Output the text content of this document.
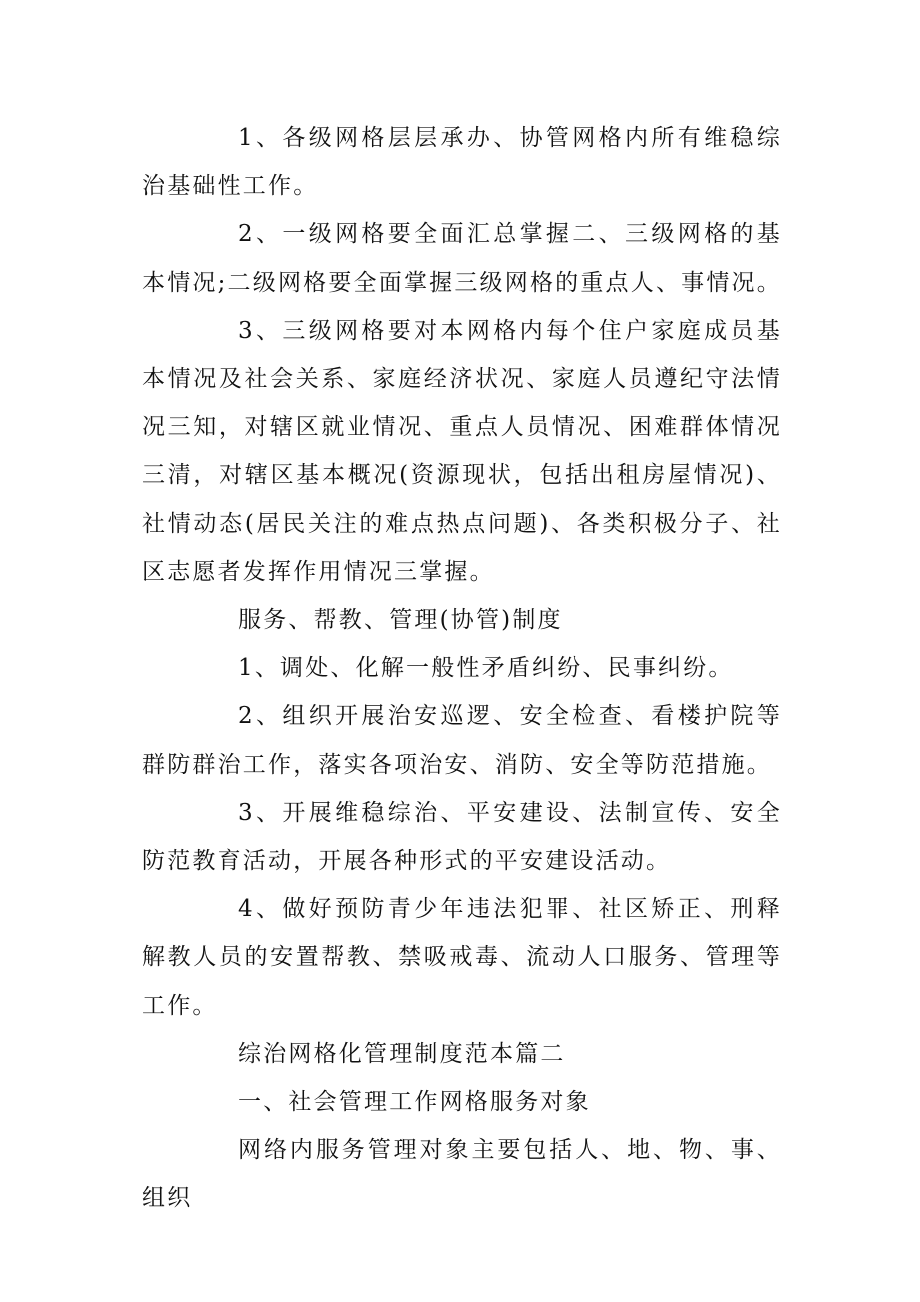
1、各级网格层层承办、协管网格内所有维稳综治基础性工作。

2、一级网格要全面汇总掌握二、三级网格的基本情况;二级网格要全面掌握三级网格的重点人、事情况。

3、三级网格要对本网格内每个住户家庭成员基本情况及社会关系、家庭经济状况、家庭人员遵纪守法情况三知，对辖区就业情况、重点人员情况、困难群体情况三清，对辖区基本概况(资源现状，包括出租房屋情况)、社情动态(居民关注的难点热点问题)、各类积极分子、社区志愿者发挥作用情况三掌握。

服务、帮教、管理(协管)制度

1、调处、化解一般性矛盾纠纷、民事纠纷。

2、组织开展治安巡逻、安全检查、看楼护院等群防群治工作，落实各项治安、消防、安全等防范措施。

3、开展维稳综治、平安建设、法制宣传、安全防范教育活动，开展各种形式的平安建设活动。

4、做好预防青少年违法犯罪、社区矫正、刑释解教人员的安置帮教、禁吸戒毒、流动人口服务、管理等工作。

综治网格化管理制度范本篇二

一、社会管理工作网格服务对象

网络内服务管理对象主要包括人、地、物、事、组织
